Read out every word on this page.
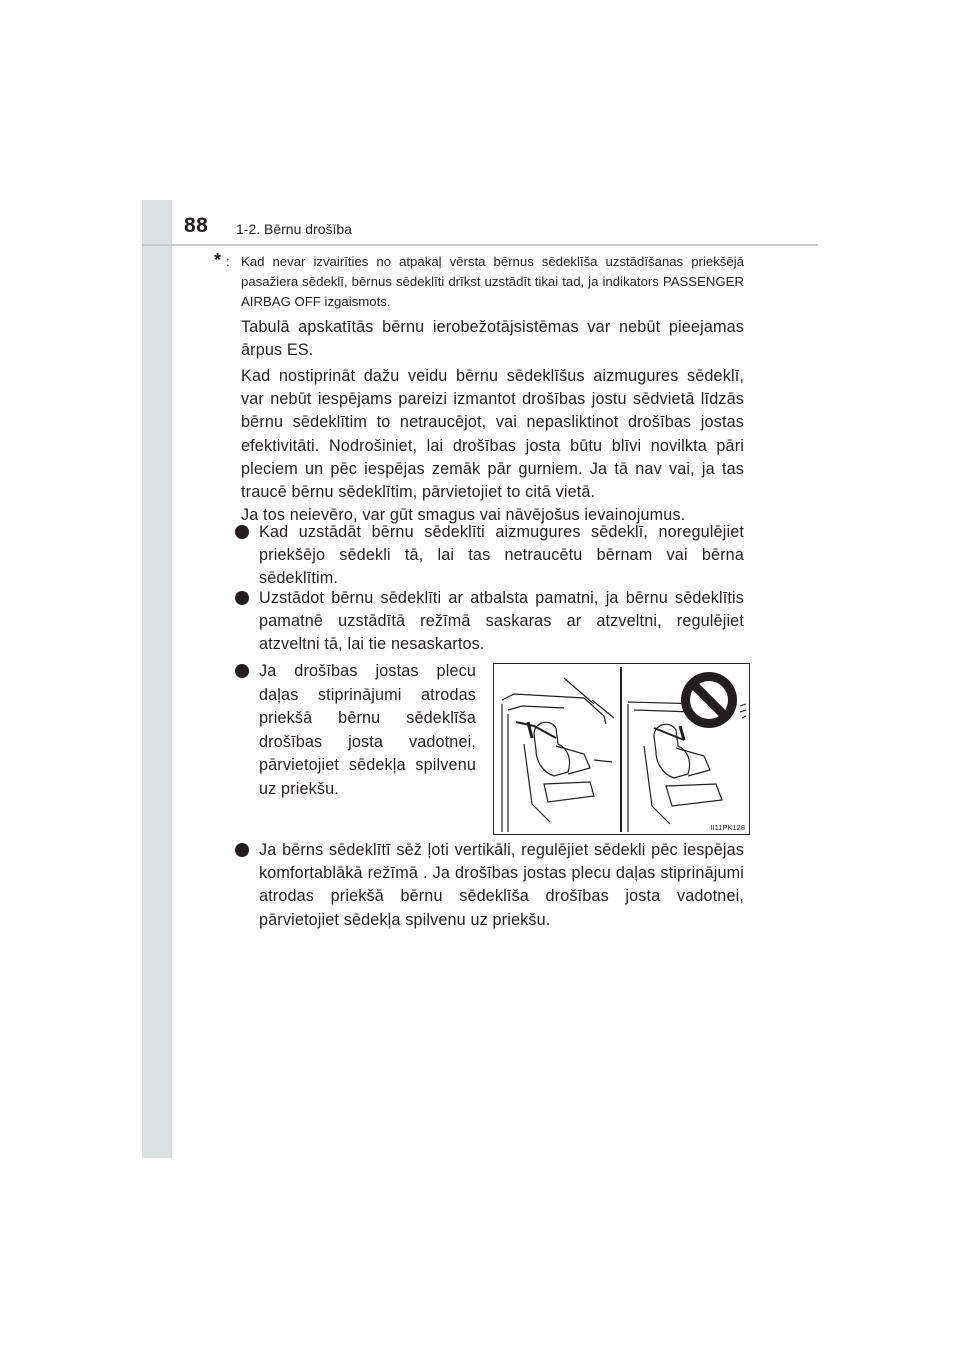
88 1-2. Bērnu drošība
* : Kad nevar izvairīties no atpakaļ vērsta bērnus sēdeklīša uzstādīšanas priekšējā pasažiera sēdeklī, bērnus sēdeklīti drīkst uzstādīt tikai tad, ja indikators PASSENGER AIRBAG OFF izgaismots.
Tabulā apskatītās bērnu ierobežotājsistēmas var nebūt pieejamas ārpus ES.
Kad nostiprināt dažu veidu bērnu sēdeklīšus aizmugures sēdeklī, var nebūt iespējams pareizi izmantot drošības jostu sēdvietā līdzās bērnu sēdeklītim to netraucējot, vai nepasliktinot drošības jostas efektivitāti. Nodrošiniet, lai drošības josta būtu blīvi novilkta pāri pleciem un pēc iespējas zemāk pār gurniem. Ja tā nav vai, ja tas traucē bērnu sēdeklītim, pārvietojiet to citā vietā.
Ja tos neievēro, var gūt smagus vai nāvējošus ievainojumus.
Kad uzstādāt bērnu sēdeklīti aizmugures sēdeklī, noregulējiet priekšējo sēdekli tā, lai tas netraucētu bērnam vai bērna sēdeklītim.
Uzstādot bērnu sēdeklīti ar atbalsta pamatni, ja bērnu sēdeklītis pamatnē uzstādītā režīmā saskaras ar atzveltni, regulējiet atzveltni tā, lai tie nesaskartos.
Ja drošības jostas plecu daļas stiprinājumi atrodas priekšā bērnu sēdeklīša drošības josta vadotnei, pārvietojiet sēdekļa spilvenu uz priekšu.
Ja bērns sēdeklītī sēž ļoti vertikāli, regulējiet sēdekli pēc iespējas komfortablākā režīmā . Ja drošības jostas plecu daļas stiprinājumi atrodas priekšā bērnu sēdeklīša drošības josta vadotnei, pārvietojiet sēdekļa spilvenu uz priekšu.
II11PK128
